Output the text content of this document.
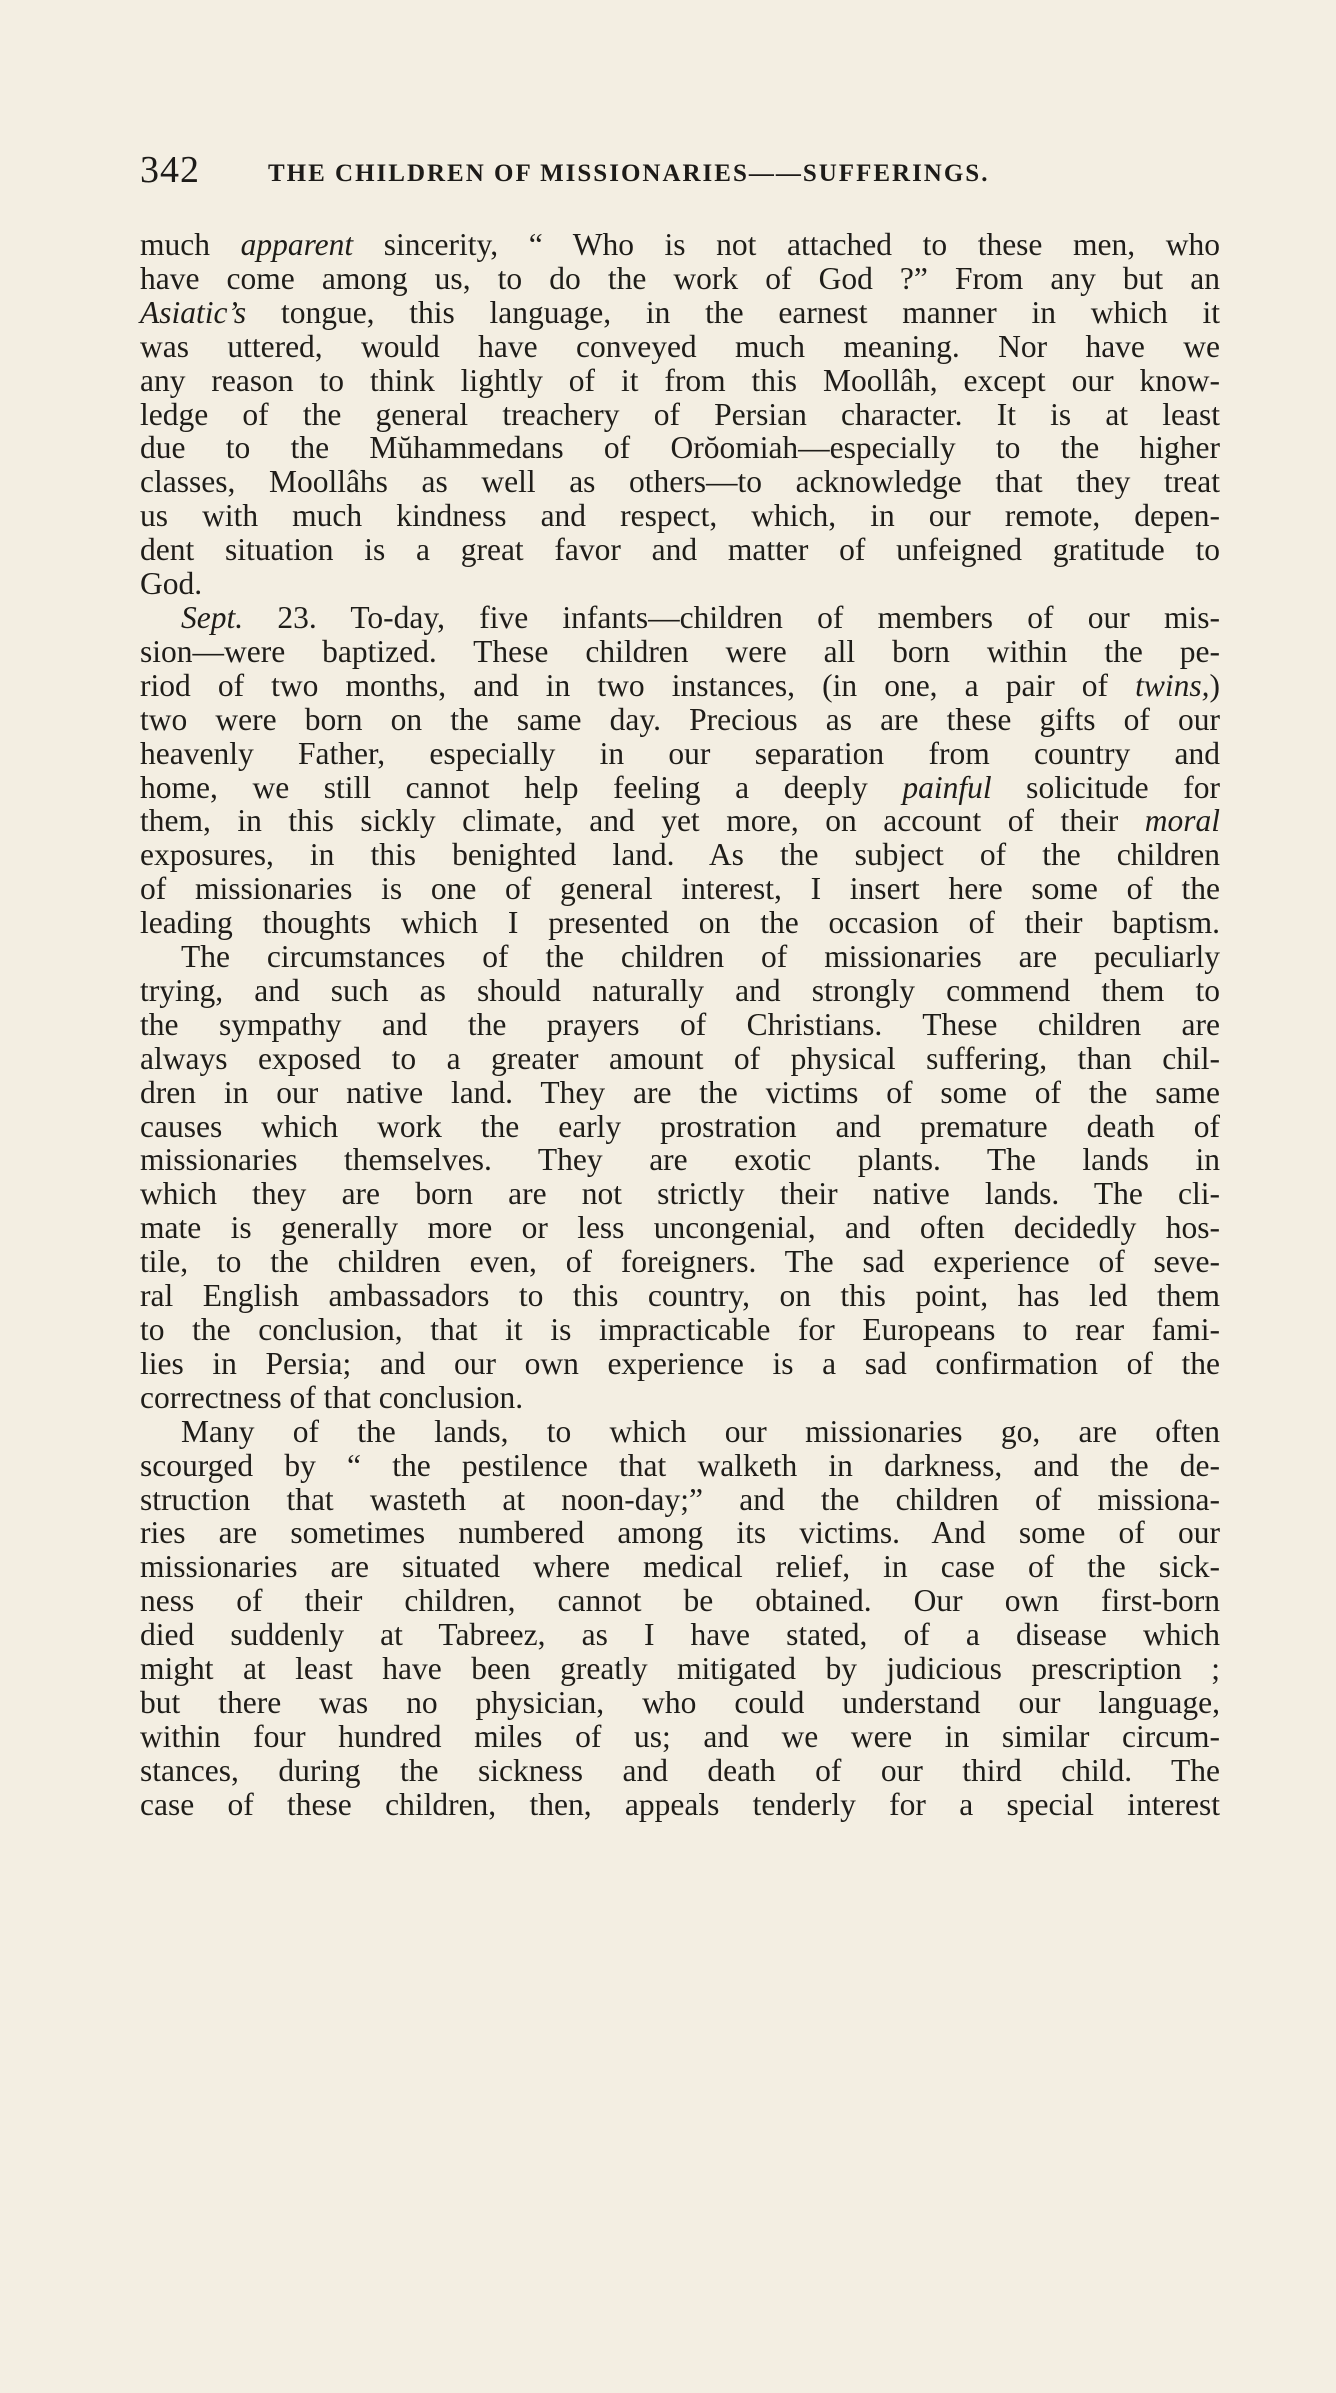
342	THE CHILDREN OF MISSIONARIES——SUFFERINGS.
much apparent sincerity, “ Who is not attached to these men, who
have come among us, to do the work of God ?” From any but an
Asiatic’s tongue, this language, in the earnest manner in which it
was uttered, would have conveyed much meaning. Nor have we
any reason to think lightly of it from this Moollâh, except our know-
ledge of the general treachery of Persian character. It is at least
due to the Mŭhammedans of Orŏomiah—especially to the higher
classes, Moollâhs as well as others—to acknowledge that they treat
us with much kindness and respect, which, in our remote, depen-
dent situation is a great favor and matter of unfeigned gratitude to
God.
Sept. 23. To-day, five infants—children of members of our mis-
sion—were baptized. These children were all born within the pe-
riod of two months, and in two instances, (in one, a pair of twins,)
two were born on the same day. Precious as are these gifts of our
heavenly Father, especially in our separation from country and
home, we still cannot help feeling a deeply painful solicitude for
them, in this sickly climate, and yet more, on account of their moral
exposures, in this benighted land. As the subject of the children
of missionaries is one of general interest, I insert here some of the
leading thoughts which I presented on the occasion of their baptism.
The circumstances of the children of missionaries are peculiarly
trying, and such as should naturally and strongly commend them to
the sympathy and the prayers of Christians. These children are
always exposed to a greater amount of physical suffering, than chil-
dren in our native land. They are the victims of some of the same
causes which work the early prostration and premature death of
missionaries themselves. They are exotic plants. The lands in
which they are born are not strictly their native lands. The cli-
mate is generally more or less uncongenial, and often decidedly hos-
tile, to the children even, of foreigners. The sad experience of seve-
ral English ambassadors to this country, on this point, has led them
to the conclusion, that it is impracticable for Europeans to rear fami-
lies in Persia; and our own experience is a sad confirmation of the
correctness of that conclusion.
Many of the lands, to which our missionaries go, are often
scourged by “ the pestilence that walketh in darkness, and the de-
struction that wasteth at noon-day;” and the children of missiona-
ries are sometimes numbered among its victims. And some of our
missionaries are situated where medical relief, in case of the sick-
ness of their children, cannot be obtained. Our own first-born
died suddenly at Tabreez, as I have stated, of a disease which
might at least have been greatly mitigated by judicious prescription ;
but there was no physician, who could understand our language,
within four hundred miles of us; and we were in similar circum-
stances, during the sickness and death of our third child. The
case of these children, then, appeals tenderly for a special interest
